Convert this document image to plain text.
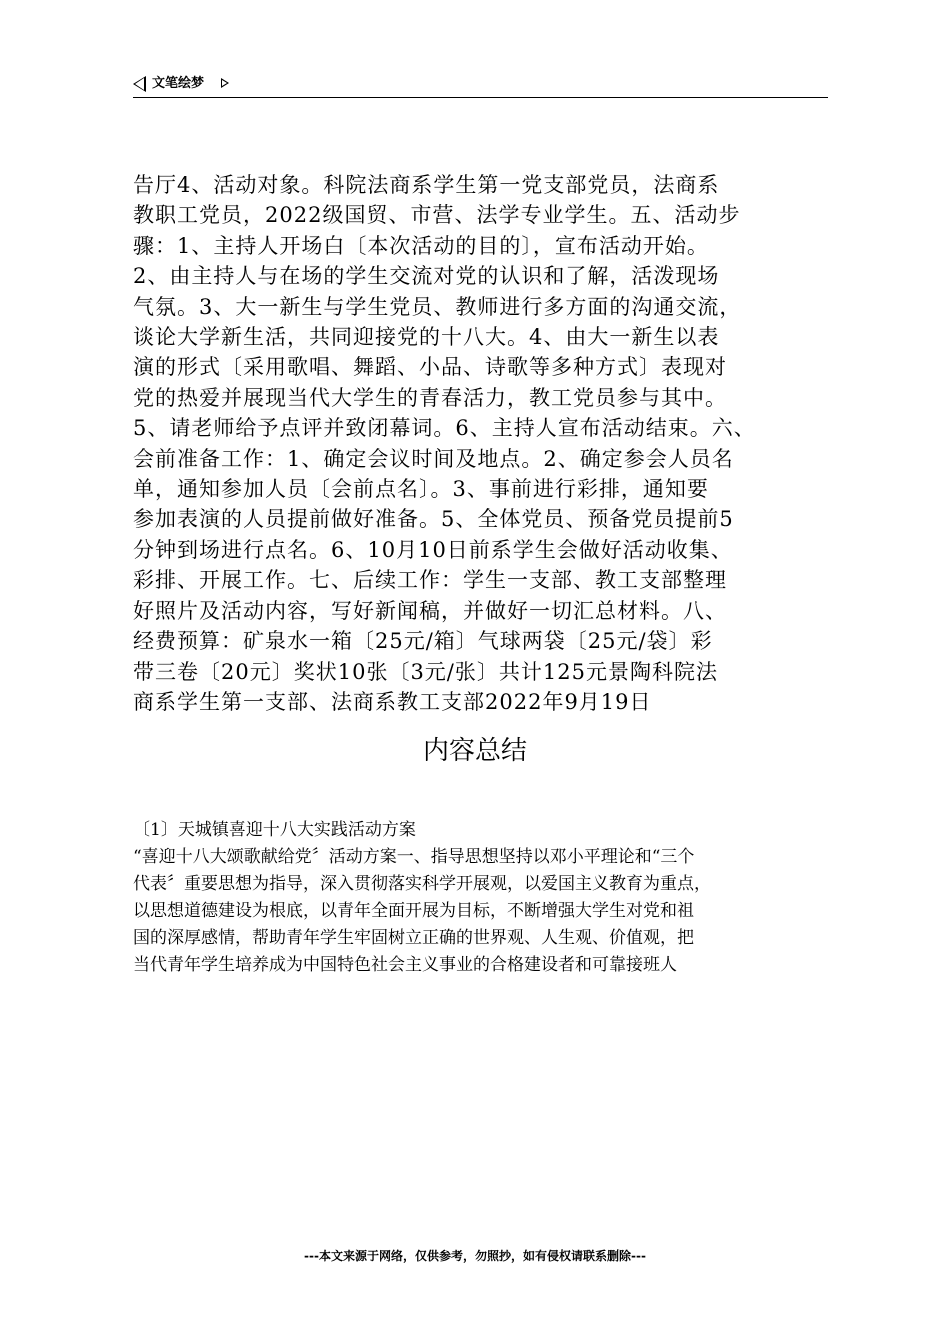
文笔绘梦
告厅4、活动对象。科院法商系学生第一党支部党员，法商系
教职工党员，2022级国贸、市营、法学专业学生。五、活动步
骤：1、主持人开场白〔本次活动的目的〕，宣布活动开始。
2、由主持人与在场的学生交流对党的认识和了解，活泼现场
气氛。3、大一新生与学生党员、教师进行多方面的沟通交流，
谈论大学新生活，共同迎接党的十八大。4、由大一新生以表
演的形式〔采用歌唱、舞蹈、小品、诗歌等多种方式〕表现对
党的热爱并展现当代大学生的青春活力，教工党员参与其中。
5、请老师给予点评并致闭幕词。6、主持人宣布活动结束。六、
会前准备工作：1、确定会议时间及地点。2、确定参会人员名
单，通知参加人员〔会前点名〕。3、事前进行彩排，通知要
参加表演的人员提前做好准备。5、全体党员、预备党员提前5
分钟到场进行点名。6、10月10日前系学生会做好活动收集、
彩排、开展工作。七、后续工作：学生一支部、教工支部整理
好照片及活动内容，写好新闻稿，并做好一切汇总材料。八、
经费预算：矿泉水一箱〔25元/箱〕气球两袋〔25元/袋〕彩
带三卷〔20元〕奖状10张〔3元/张〕共计125元景陶科院法
商系学生第一支部、法商系教工支部2022年9月19日
内容总结
〔1〕天城镇喜迎十八大实践活动方案
“喜迎十八大颂歌献给党〞活动方案一、指导思想坚持以邓小平理论和“三个
代表〞重要思想为指导，深入贯彻落实科学开展观，以爱国主义教育为重点，
以思想道德建设为根底，以青年全面开展为目标，不断增强大学生对党和祖
国的深厚感情，帮助青年学生牢固树立正确的世界观、人生观、价值观，把
当代青年学生培养成为中国特色社会主义事业的合格建设者和可靠接班人
---本文来源于网络，仅供参考，勿照抄，如有侵权请联系删除---
